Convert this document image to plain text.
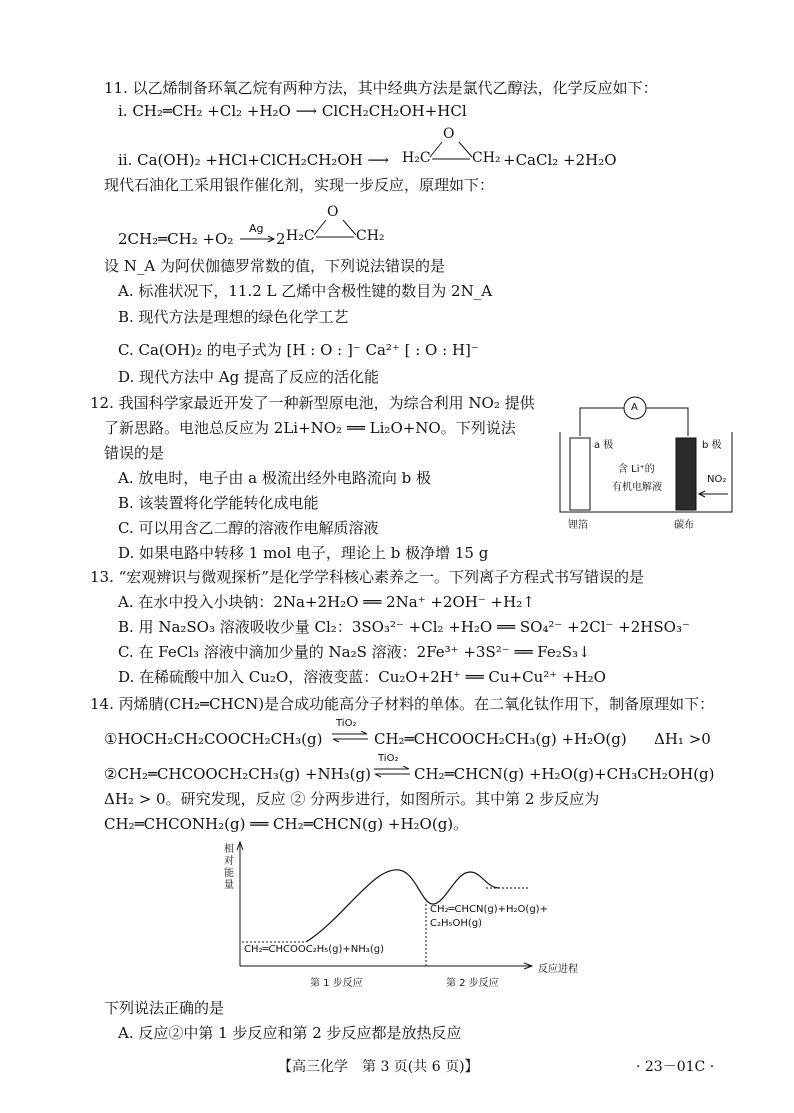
11. 以乙烯制备环氧乙烷有两种方法，其中经典方法是氯代乙醇法，化学反应如下：
ⅰ. CH₂═CH₂ +Cl₂ +H₂O ⟶ ClCH₂CH₂OH+HCl
ⅱ. Ca(OH)₂ +HCl+ClCH₂CH₂OH ⟶
O
H₂C	CH₂ +CaCl₂ +2H₂O
现代石油化工采用银作催化剂，实现一步反应，原理如下：
2CH₂═CH₂ +O₂
Ag
→ 2
O
H₂C	CH₂
设 N_A 为阿伏伽德罗常数的值，下列说法错误的是
A. 标准状况下，11.2 L 乙烯中含极性键的数目为 2N_A
B. 现代方法是理想的绿色化学工艺
C. Ca(OH)₂ 的电子式为 [H : O : ]⁻ Ca²⁺ [ : O : H]⁻
D. 现代方法中 Ag 提高了反应的活化能
12. 我国科学家最近开发了一种新型原电池，为综合利用 NO₂ 提供
了新思路。电池总反应为 2Li+NO₂ ══ Li₂O+NO。下列说法
错误的是
A. 放电时，电子由 a 极流出经外电路流向 b 极
B. 该装置将化学能转化成电能
C. 可以用含乙二醇的溶液作电解质溶液
D. 如果电路中转移 1 mol 电子，理论上 b 极净增 15 g
A
a 极	b 极
含 Li⁺的
有机电解液
NO₂
锂箔	碳布
13. “宏观辨识与微观探析”是化学学科核心素养之一。下列离子方程式书写错误的是
A. 在水中投入小块钠：2Na+2H₂O ══ 2Na⁺ +2OH⁻ +H₂↑
B. 用 Na₂SO₃ 溶液吸收少量 Cl₂：3SO₃²⁻ +Cl₂ +H₂O ══ SO₄²⁻ +2Cl⁻ +2HSO₃⁻
C. 在 FeCl₃ 溶液中滴加少量的 Na₂S 溶液：2Fe³⁺ +3S²⁻ ══ Fe₂S₃↓
D. 在稀硫酸中加入 Cu₂O，溶液变蓝：Cu₂O+2H⁺ ══ Cu+Cu²⁺ +H₂O
14. 丙烯腈(CH₂═CHCN)是合成功能高分子材料的单体。在二氧化钛作用下，制备原理如下：
①HOCH₂CH₂COOCH₂CH₃(g)
TiO₂
⇌ CH₂═CHCOOCH₂CH₃(g) +H₂O(g) ΔH₁ >0
②CH₂═CHCOOCH₂CH₃(g) +NH₃(g)
TiO₂
⇌ CH₂═CHCN(g) +H₂O(g)+CH₃CH₂OH(g)
ΔH₂ > 0。研究发现，反应 ② 分两步进行，如图所示。其中第 2 步反应为
CH₂═CHCONH₂(g) ══ CH₂═CHCN(g) +H₂O(g)。
相
对
能
量
反应进程
CH₂═CHCOOC₂H₅(g)+NH₃(g)
CH₂═CHCN(g)+H₂O(g)+
C₂H₅OH(g)
第 1 步反应	第 2 步反应
下列说法正确的是
A. 反应②中第 1 步反应和第 2 步反应都是放热反应
【高三化学　第 3 页(共 6 页)】	· 23－01C ·
